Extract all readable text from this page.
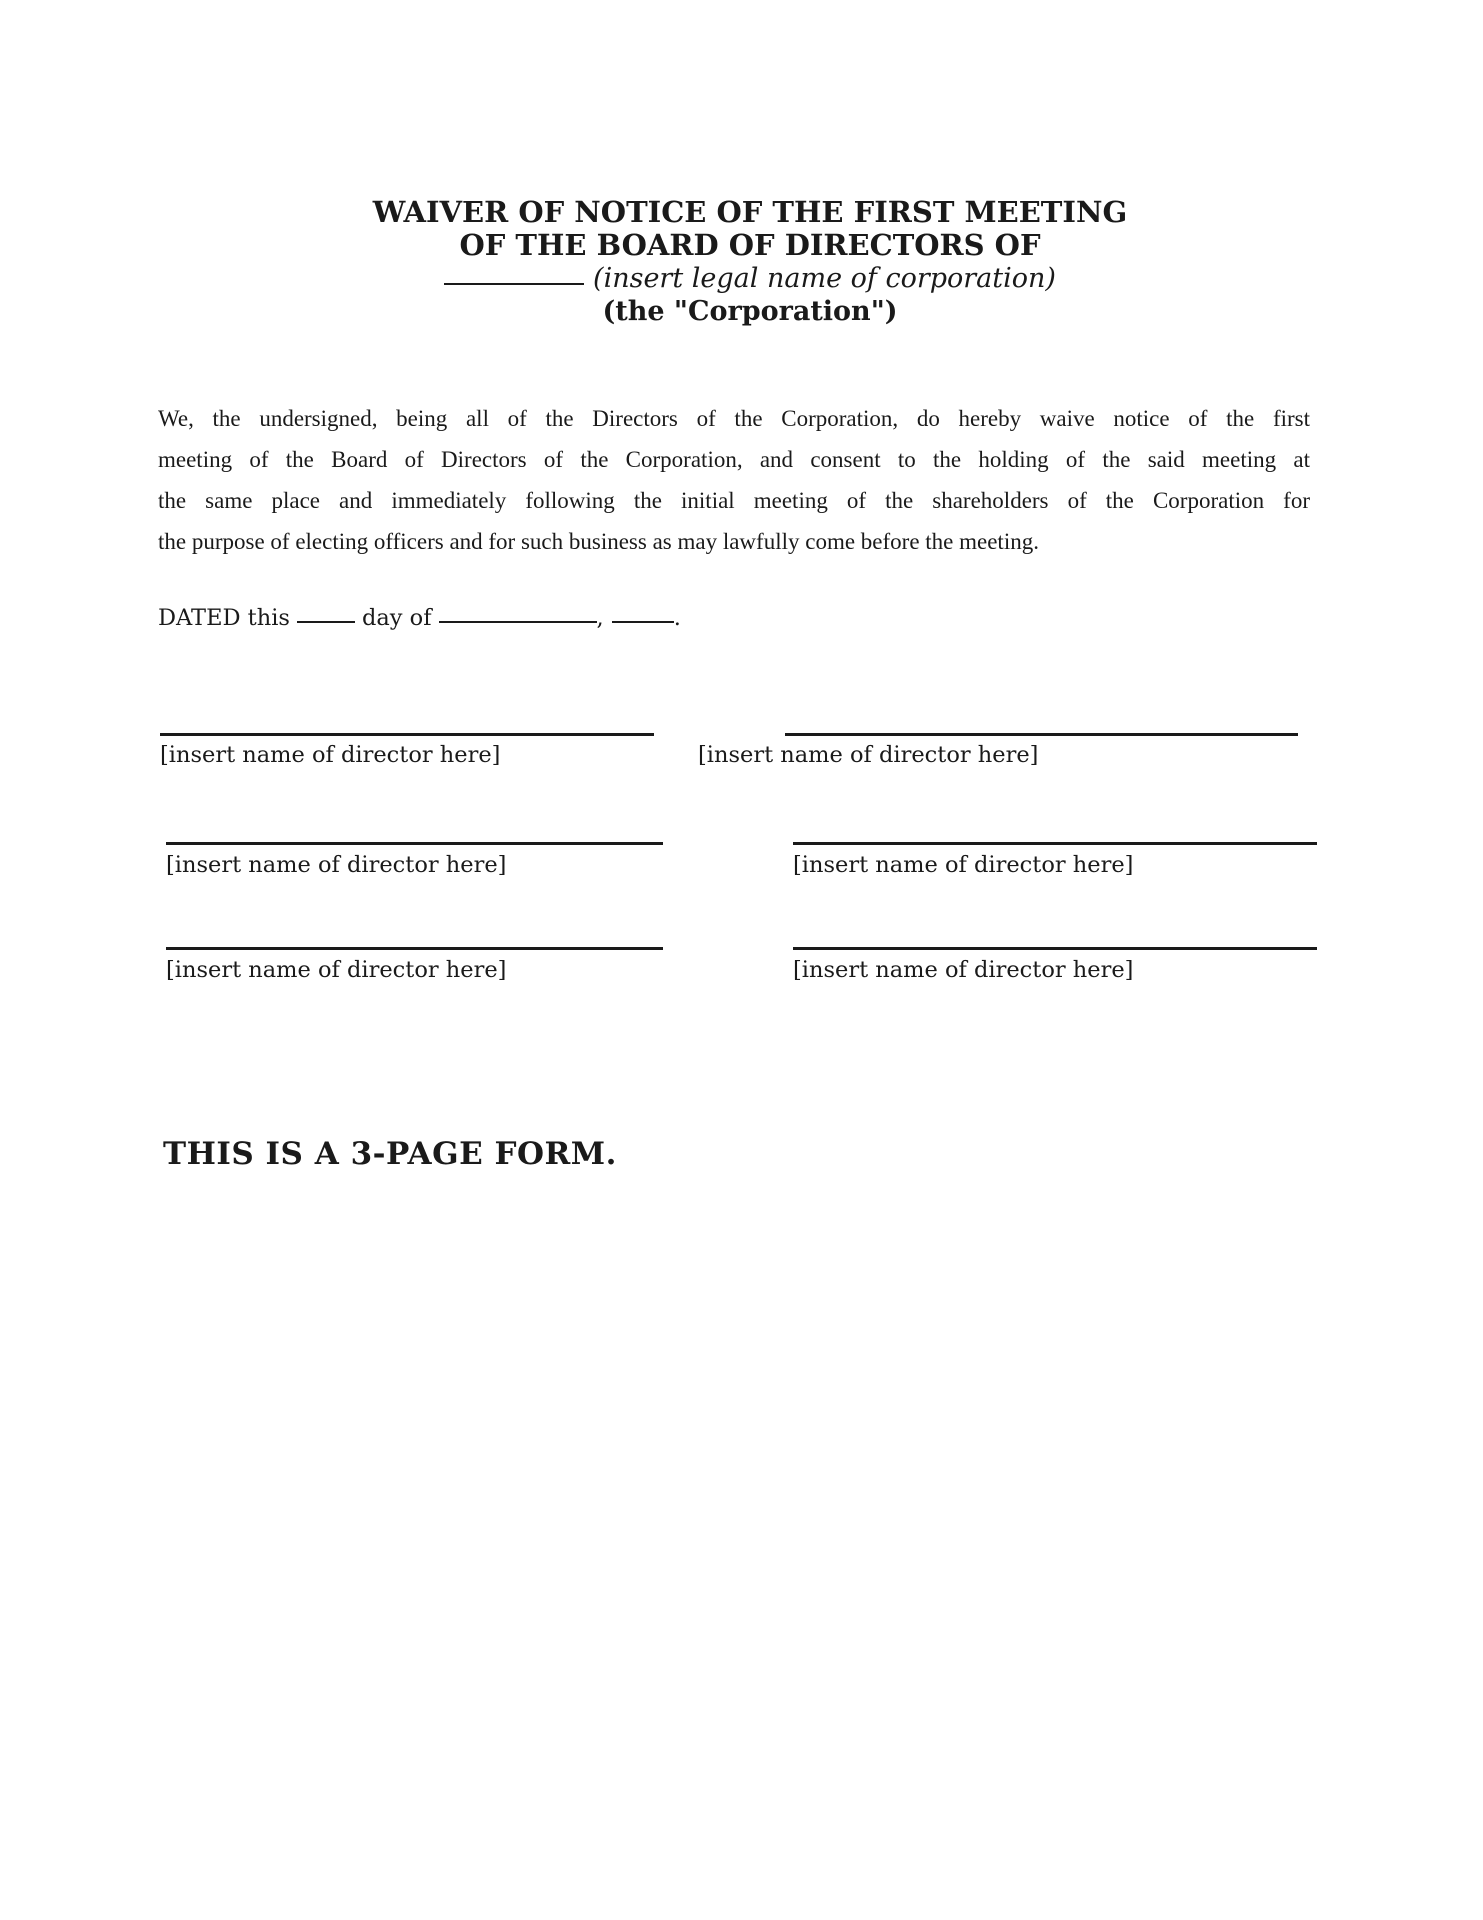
WAIVER OF NOTICE OF THE FIRST MEETING
OF THE BOARD OF DIRECTORS OF
(insert legal name of corporation)
(the "Corporation")
We, the undersigned, being all of the Directors of the Corporation, do hereby waive notice of the first
meeting of the Board of Directors of the Corporation, and consent to the holding of the said meeting at
the same place and immediately following the initial meeting of the shareholders of the Corporation for
the purpose of electing officers and for such business as may lawfully come before the meeting.
DATED this	day of	,	.
[insert name of director here]	[insert name of director here]
[insert name of director here]	[insert name of director here]
[insert name of director here]	[insert name of director here]
THIS IS A 3-PAGE FORM.
